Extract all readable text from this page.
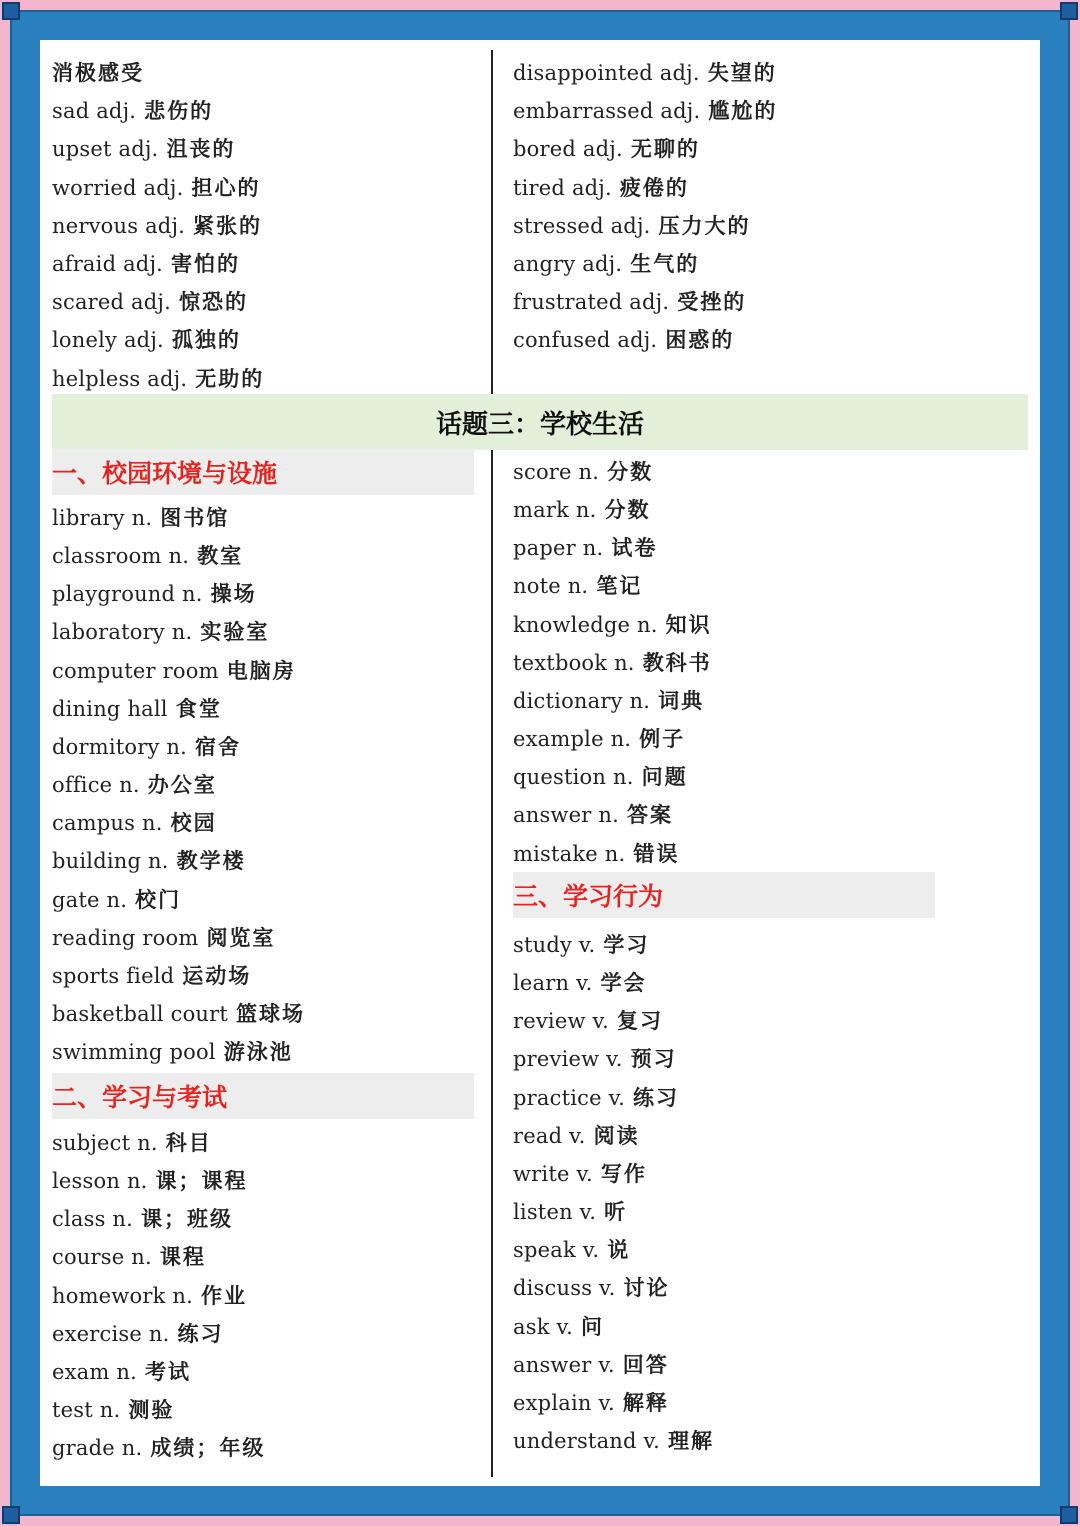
话题三：学校生活
一、校园环境与设施
二、学习与考试
三、学习行为
消极感受
sad adj. 悲伤的
upset adj. 沮丧的
worried adj. 担心的
nervous adj. 紧张的
afraid adj. 害怕的
scared adj. 惊恐的
lonely adj. 孤独的
helpless adj. 无助的
disappointed adj. 失望的
embarrassed adj. 尴尬的
bored adj. 无聊的
tired adj. 疲倦的
stressed adj. 压力大的
angry adj. 生气的
frustrated adj. 受挫的
confused adj. 困惑的
library n. 图书馆
classroom n. 教室
playground n. 操场
laboratory n. 实验室
computer room 电脑房
dining hall 食堂
dormitory n. 宿舍
office n. 办公室
campus n. 校园
building n. 教学楼
gate n. 校门
reading room 阅览室
sports field 运动场
basketball court 篮球场
swimming pool 游泳池
subject n. 科目
lesson n. 课；课程
class n. 课；班级
course n. 课程
homework n. 作业
exercise n. 练习
exam n. 考试
test n. 测验
grade n. 成绩；年级
score n. 分数
mark n. 分数
paper n. 试卷
note n. 笔记
knowledge n. 知识
textbook n. 教科书
dictionary n. 词典
example n. 例子
question n. 问题
answer n. 答案
mistake n. 错误
study v. 学习
learn v. 学会
review v. 复习
preview v. 预习
practice v. 练习
read v. 阅读
write v. 写作
listen v. 听
speak v. 说
discuss v. 讨论
ask v. 问
answer v. 回答
explain v. 解释
understand v. 理解
